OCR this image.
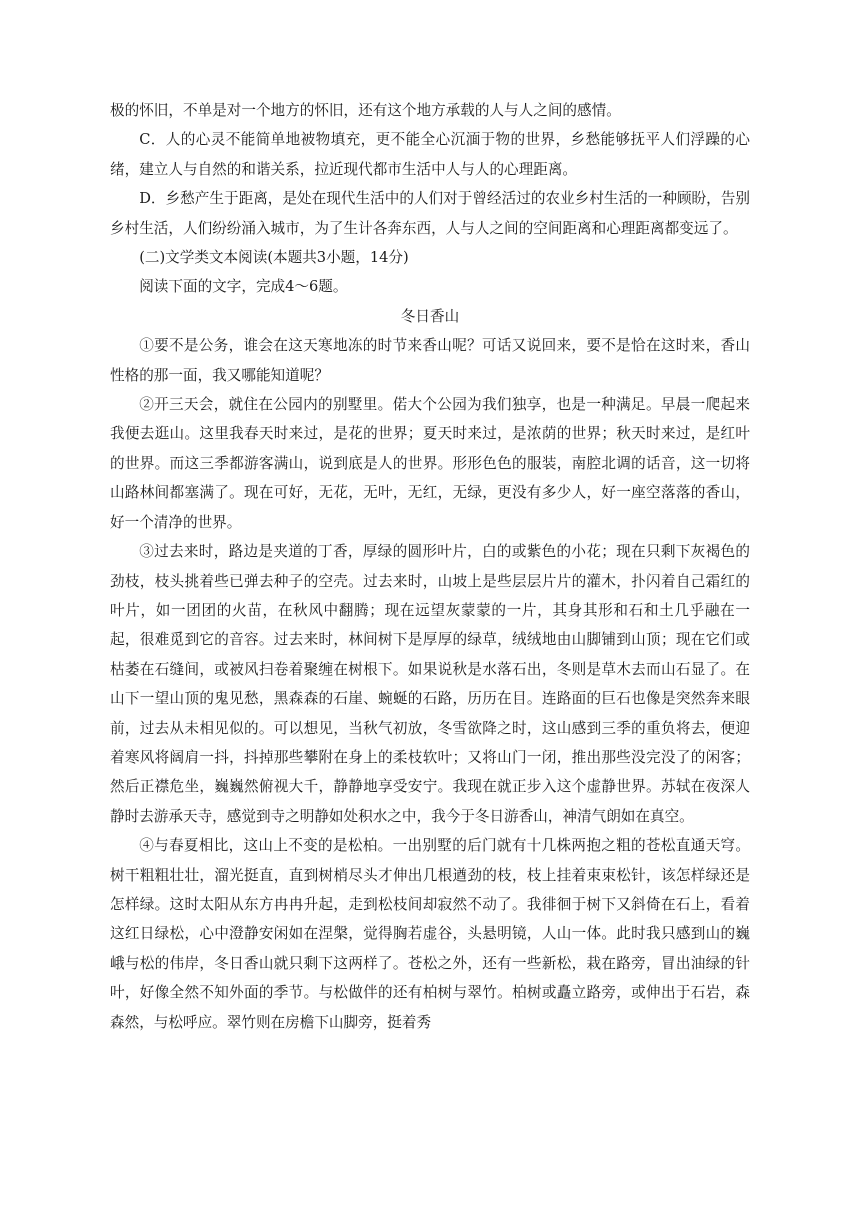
极的怀旧，不单是对一个地方的怀旧，还有这个地方承载的人与人之间的感情。

C．人的心灵不能简单地被物填充，更不能全心沉湎于物的世界，乡愁能够抚平人们浮躁的心绪，建立人与自然的和谐关系，拉近现代都市生活中人与人的心理距离。

D．乡愁产生于距离，是处在现代生活中的人们对于曾经活过的农业乡村生活的一种顾盼，告别乡村生活，人们纷纷涌入城市，为了生计各奔东西，人与人之间的空间距离和心理距离都变远了。

(二)文学类文本阅读(本题共3小题，14分)

阅读下面的文字，完成4～6题。

冬日香山

①要不是公务，谁会在这天寒地冻的时节来香山呢？可话又说回来，要不是恰在这时来，香山性格的那一面，我又哪能知道呢？

②开三天会，就住在公园内的别墅里。偌大个公园为我们独享，也是一种满足。早晨一爬起来我便去逛山。这里我春天时来过，是花的世界；夏天时来过，是浓荫的世界；秋天时来过，是红叶的世界。而这三季都游客满山，说到底是人的世界。形形色色的服装，南腔北调的话音，这一切将山路林间都塞满了。现在可好，无花，无叶，无红，无绿，更没有多少人，好一座空落落的香山，好一个清净的世界。

③过去来时，路边是夹道的丁香，厚绿的圆形叶片，白的或紫色的小花；现在只剩下灰褐色的劲枝，枝头挑着些已弹去种子的空壳。过去来时，山坡上是些层层片片的灌木，扑闪着自己霜红的叶片，如一团团的火苗，在秋风中翻腾；现在远望灰蒙蒙的一片，其身其形和石和土几乎融在一起，很难觅到它的音容。过去来时，林间树下是厚厚的绿草，绒绒地由山脚铺到山顶；现在它们或枯萎在石缝间，或被风扫卷着聚缠在树根下。如果说秋是水落石出，冬则是草木去而山石显了。在山下一望山顶的鬼见愁，黑森森的石崖、蜿蜒的石路，历历在目。连路面的巨石也像是突然奔来眼前，过去从未相见似的。可以想见，当秋气初放，冬雪欲降之时，这山感到三季的重负将去，便迎着寒风将阔肩一抖，抖掉那些攀附在身上的柔枝软叶；又将山门一闭，推出那些没完没了的闲客；然后正襟危坐，巍巍然俯视大千，静静地享受安宁。我现在就正步入这个虚静世界。苏轼在夜深人静时去游承天寺，感觉到寺之明静如处积水之中，我今于冬日游香山，神清气朗如在真空。

④与春夏相比，这山上不变的是松柏。一出别墅的后门就有十几株两抱之粗的苍松直通天穹。树干粗粗壮壮，溜光挺直，直到树梢尽头才伸出几根遒劲的枝，枝上挂着束束松针，该怎样绿还是怎样绿。这时太阳从东方冉冉升起，走到松枝间却寂然不动了。我徘徊于树下又斜倚在石上，看着这红日绿松，心中澄静安闲如在涅槃，觉得胸若虚谷，头悬明镜，人山一体。此时我只感到山的巍峨与松的伟岸，冬日香山就只剩下这两样了。苍松之外，还有一些新松，栽在路旁，冒出油绿的针叶，好像全然不知外面的季节。与松做伴的还有柏树与翠竹。柏树或矗立路旁，或伸出于石岩，森森然，与松呼应。翠竹则在房檐下山脚旁，挺着秀
